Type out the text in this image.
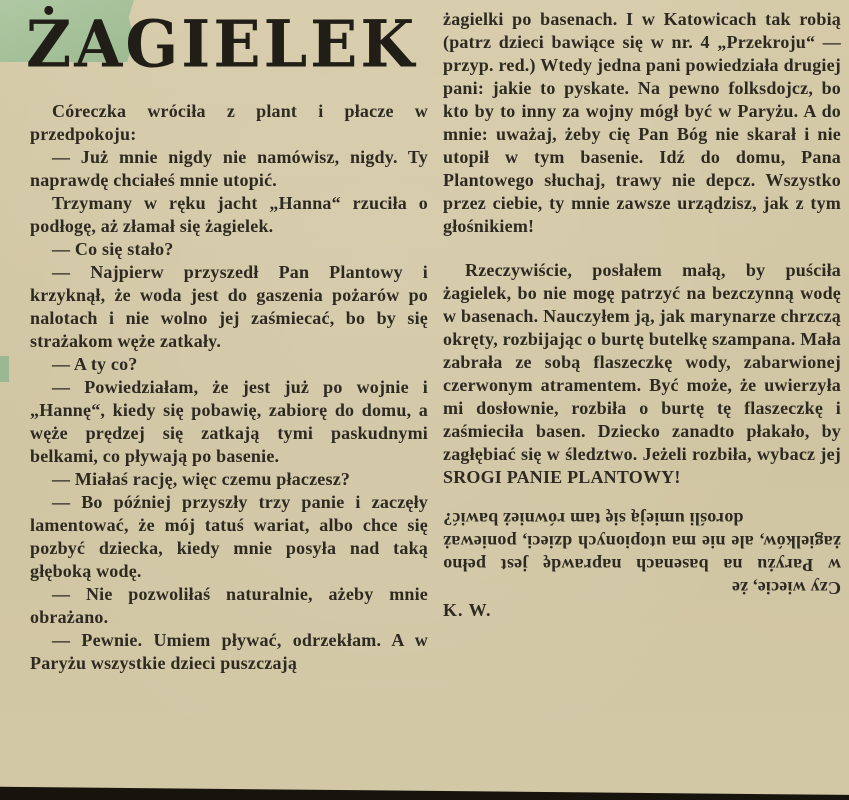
ŻAGIELEK

Córeczka wróciła z plant i płacze w przedpokoju:

— Już mnie nigdy nie namówisz, nigdy. Ty naprawdę chciałeś mnie utopić.

Trzymany w ręku jacht „Hanna“ rzuciła o podłogę, aż złamał się żagielek.

— Co się stało?

— Najpierw przyszedł Pan Plantowy i krzyknął, że woda jest do gaszenia pożarów po nalotach i nie wolno jej zaśmiecać, bo by się strażakom węże zatkały.

— A ty co?

— Powiedziałam, że jest już po wojnie i „Hannę“, kiedy się pobawię, zabiorę do domu, a węże prędzej się zatkają tymi paskudnymi belkami, co pływają po basenie.

— Miałaś rację, więc czemu płaczesz?

— Bo później przyszły trzy panie i zaczęły lamentować, że mój tatuś wariat, albo chce się pozbyć dziecka, kiedy mnie posyła nad taką głęboką wodę.

— Nie pozwoliłaś naturalnie, ażeby mnie obrażano.

— Pewnie. Umiem pływać, odrzekłam. A w Paryżu wszystkie dzieci puszczają

żagielki po basenach. I w Katowicach tak robią (patrz dzieci bawiące się w nr. 4 „Przekroju“ — przyp. red.) Wtedy jedna pani powiedziała drugiej pani: jakie to pyskate. Na pewno folksdojcz, bo kto by to inny za wojny mógł być w Paryżu. A do mnie: uważaj, żeby cię Pan Bóg nie skarał i nie utopił w tym basenie. Idź do domu, Pana Plantowego słuchaj, trawy nie depcz. Wszystko przez ciebie, ty mnie zawsze urządzisz, jak z tym głośnikiem!

Rzeczywiście, posłałem małą, by puściła żagielek, bo nie mogę patrzyć na bezczynną wodę w basenach. Nauczyłem ją, jak marynarze chrzczą okręty, rozbijając o burtę butelkę szampana. Mała zabrała ze sobą flaszeczkę wody, zabarwionej czerwonym atramentem. Być może, że uwierzyła mi dosłownie, rozbiła o burtę tę flaszeczkę i zaśmieciła basen. Dziecko zanadto płakało, by zagłębiać się w śledztwo. Jeżeli rozbiła, wybacz jej SROGI PANIE PLANTOWY!

Czy wiecie, że

w Paryżu na basenach naprawdę jest pełno żagielków, ale nie ma utopionych dzieci, ponieważ dorośli umieją się tam również bawić?

K. W.
